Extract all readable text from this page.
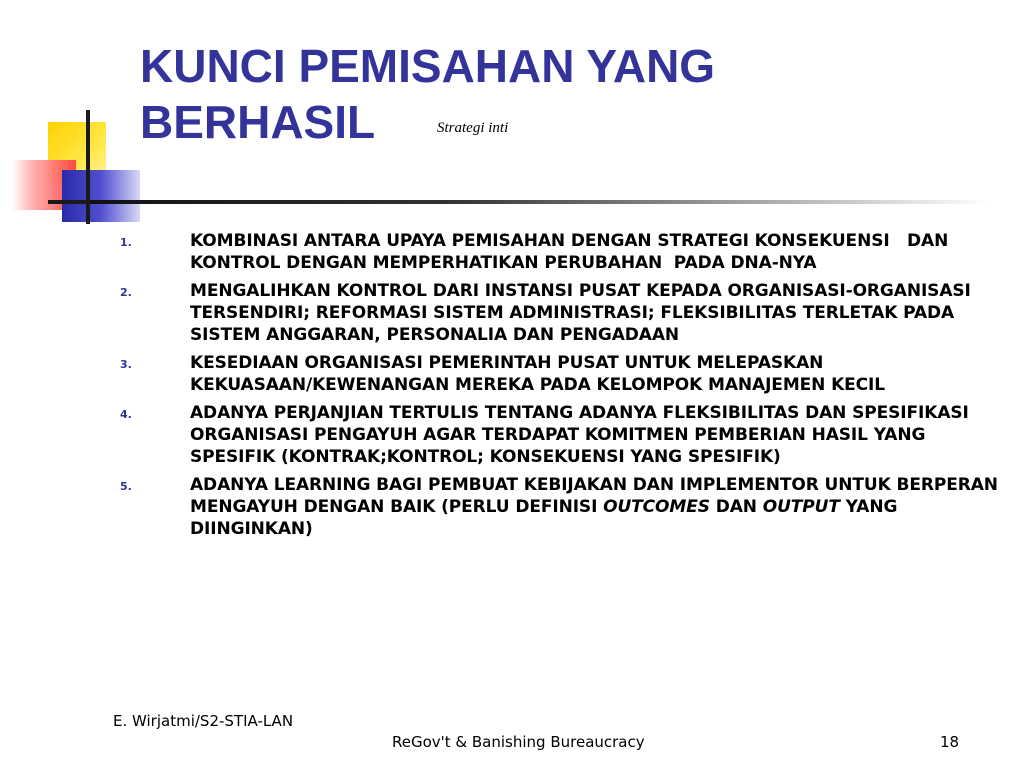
KUNCI PEMISAHAN YANG BERHASIL	Strategi inti
1.	KOMBINASI ANTARA UPAYA PEMISAHAN DENGAN STRATEGI KONSEKUENSI   DAN KONTROL DENGAN MEMPERHATIKAN PERUBAHAN  PADA DNA-NYA
2.	MENGALIHKAN KONTROL DARI INSTANSI PUSAT KEPADA ORGANISASI-ORGANISASI TERSENDIRI; REFORMASI SISTEM ADMINISTRASI; FLEKSIBILITAS TERLETAK PADA SISTEM ANGGARAN, PERSONALIA DAN PENGADAAN
3.	KESEDIAAN ORGANISASI PEMERINTAH PUSAT UNTUK MELEPASKAN KEKUASAAN/KEWENANGAN MEREKA PADA KELOMPOK MANAJEMEN KECIL
4.	ADANYA PERJANJIAN TERTULIS TENTANG ADANYA FLEKSIBILITAS DAN SPESIFIKASI ORGANISASI PENGAYUH AGAR TERDAPAT KOMITMEN PEMBERIAN HASIL YANG SPESIFIK (KONTRAK;KONTROL; KONSEKUENSI YANG SPESIFIK)
5.	ADANYA LEARNING BAGI PEMBUAT KEBIJAKAN DAN IMPLEMENTOR UNTUK BERPERAN MENGAYUH DENGAN BAIK (PERLU DEFINISI OUTCOMES DAN OUTPUT YANG DIINGINKAN)
E. Wirjatmi/S2-STIA-LAN
ReGov't & Banishing Bureaucracy	18
